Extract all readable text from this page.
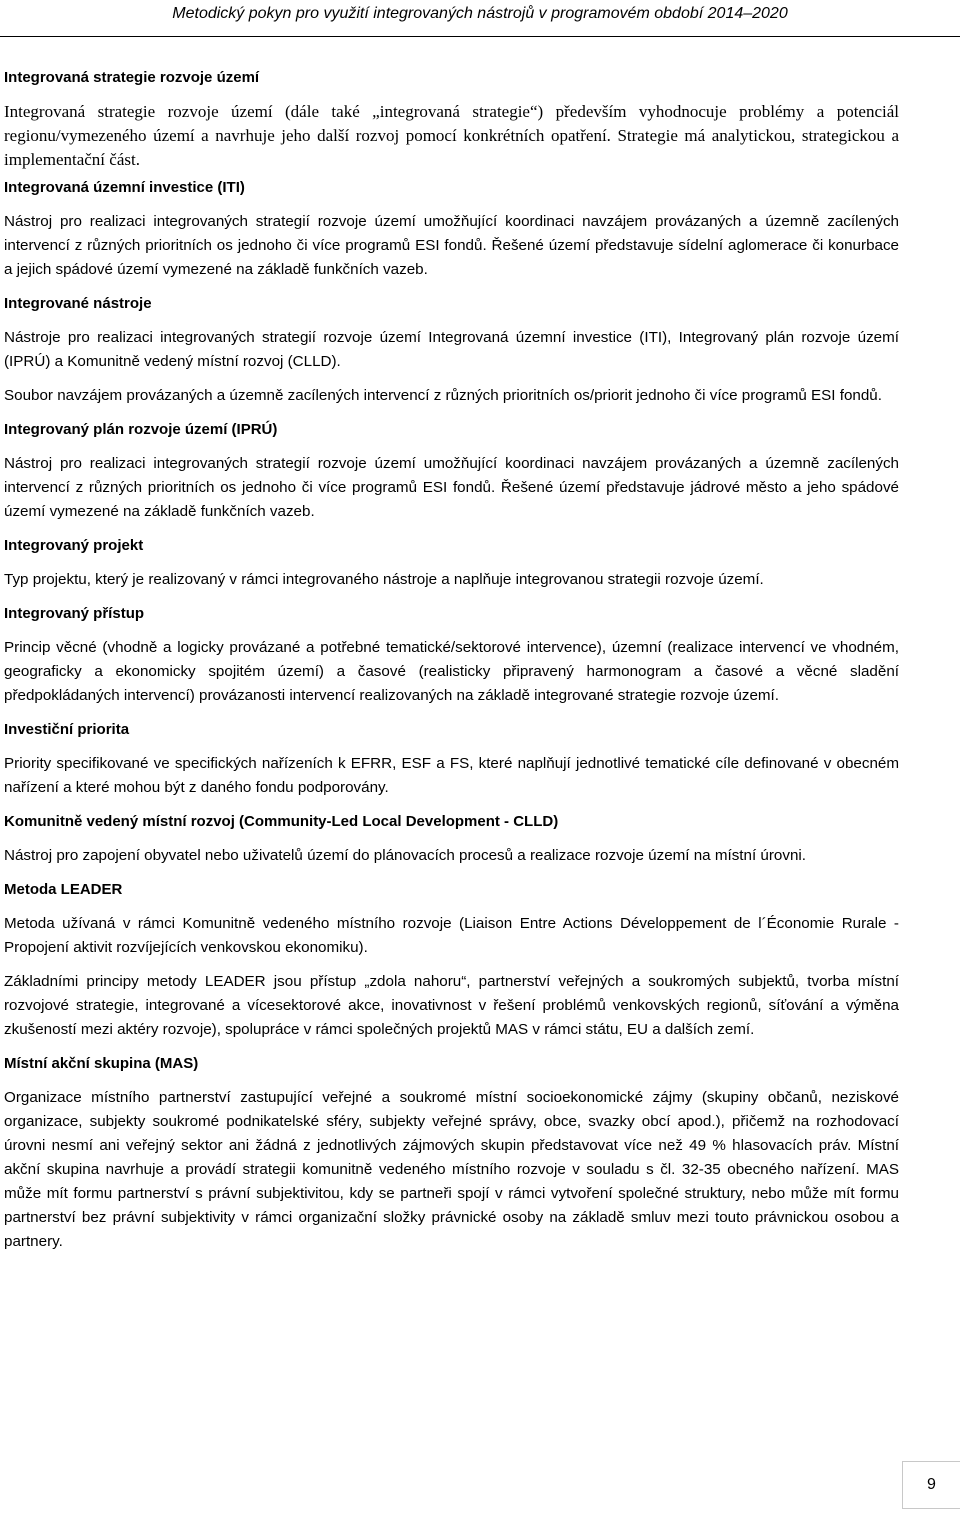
Metodický pokyn pro využití integrovaných nástrojů v programovém období 2014–2020
Integrovaná strategie rozvoje území
Integrovaná strategie rozvoje území (dále také „integrovaná strategie“) především vyhodnocuje problémy a potenciál regionu/vymezeného území a navrhuje jeho další rozvoj pomocí konkrétních opatření. Strategie má analytickou, strategickou a implementační část.
Integrovaná územní investice (ITI)
Nástroj pro realizaci integrovaných strategií rozvoje území umožňující koordinaci navzájem provázaných a územně zacílených intervencí z různých prioritních os jednoho či více programů ESI fondů. Řešené území představuje sídelní aglomerace či konurbace a jejich spádové území vymezené na základě funkčních vazeb.
Integrované nástroje
Nástroje pro realizaci integrovaných strategií rozvoje území Integrovaná územní investice (ITI), Integrovaný plán rozvoje území (IPRÚ) a Komunitně vedený místní rozvoj (CLLD).
Soubor navzájem provázaných a územně zacílených intervencí z různých prioritních os/priorit jednoho či více programů ESI fondů.
Integrovaný plán rozvoje území (IPRÚ)
Nástroj pro realizaci integrovaných strategií rozvoje území umožňující koordinaci navzájem provázaných a územně zacílených intervencí z různých prioritních os jednoho či více programů ESI fondů. Řešené území představuje jádrové město a jeho spádové území vymezené na základě funkčních vazeb.
Integrovaný projekt
Typ projektu, který je realizovaný v rámci integrovaného nástroje a naplňuje integrovanou strategii rozvoje území.
Integrovaný přístup
Princip věcné (vhodně a logicky provázané a potřebné tematické/sektorové intervence), územní (realizace intervencí ve vhodném, geograficky a ekonomicky spojitém území) a časové (realisticky připravený harmonogram a časové a věcné sladění předpokládaných intervencí) provázanosti intervencí realizovaných na základě integrované strategie rozvoje území.
Investiční priorita
Priority specifikované ve specifických nařízeních k EFRR, ESF a FS, které naplňují jednotlivé tematické cíle definované v obecném nařízení a které mohou být z daného fondu podporovány.
Komunitně vedený místní rozvoj (Community-Led Local Development - CLLD)
Nástroj pro zapojení obyvatel nebo uživatelů území do plánovacích procesů a realizace rozvoje území na místní úrovni.
Metoda LEADER
Metoda užívaná v rámci Komunitně vedeného místního rozvoje (Liaison Entre Actions Développement de l´Économie Rurale - Propojení aktivit rozvíjejících venkovskou ekonomiku).
Základními principy metody LEADER jsou přístup „zdola nahoru“, partnerství veřejných a soukromých subjektů, tvorba místní rozvojové strategie, integrované a vícesektorové akce, inovativnost v řešení problémů venkovských regionů, síťování a výměna zkušeností mezi aktéry rozvoje), spolupráce v rámci společných projektů MAS v rámci státu, EU a dalších zemí.
Místní akční skupina (MAS)
Organizace místního partnerství zastupující veřejné a soukromé místní socioekonomické zájmy (skupiny občanů, neziskové organizace, subjekty soukromé podnikatelské sféry, subjekty veřejné správy, obce, svazky obcí apod.), přičemž na rozhodovací úrovni nesmí ani veřejný sektor ani žádná z jednotlivých zájmových skupin představovat více než 49 % hlasovacích práv. Místní akční skupina navrhuje a provádí strategii komunitně vedeného místního rozvoje v souladu s čl. 32-35 obecného nařízení. MAS může mít formu partnerství s právní subjektivitou, kdy se partneři spojí v rámci vytvoření společné struktury, nebo může mít formu partnerství bez právní subjektivity v rámci organizační složky právnické osoby na základě smluv mezi touto právnickou osobou a partnery.
9
